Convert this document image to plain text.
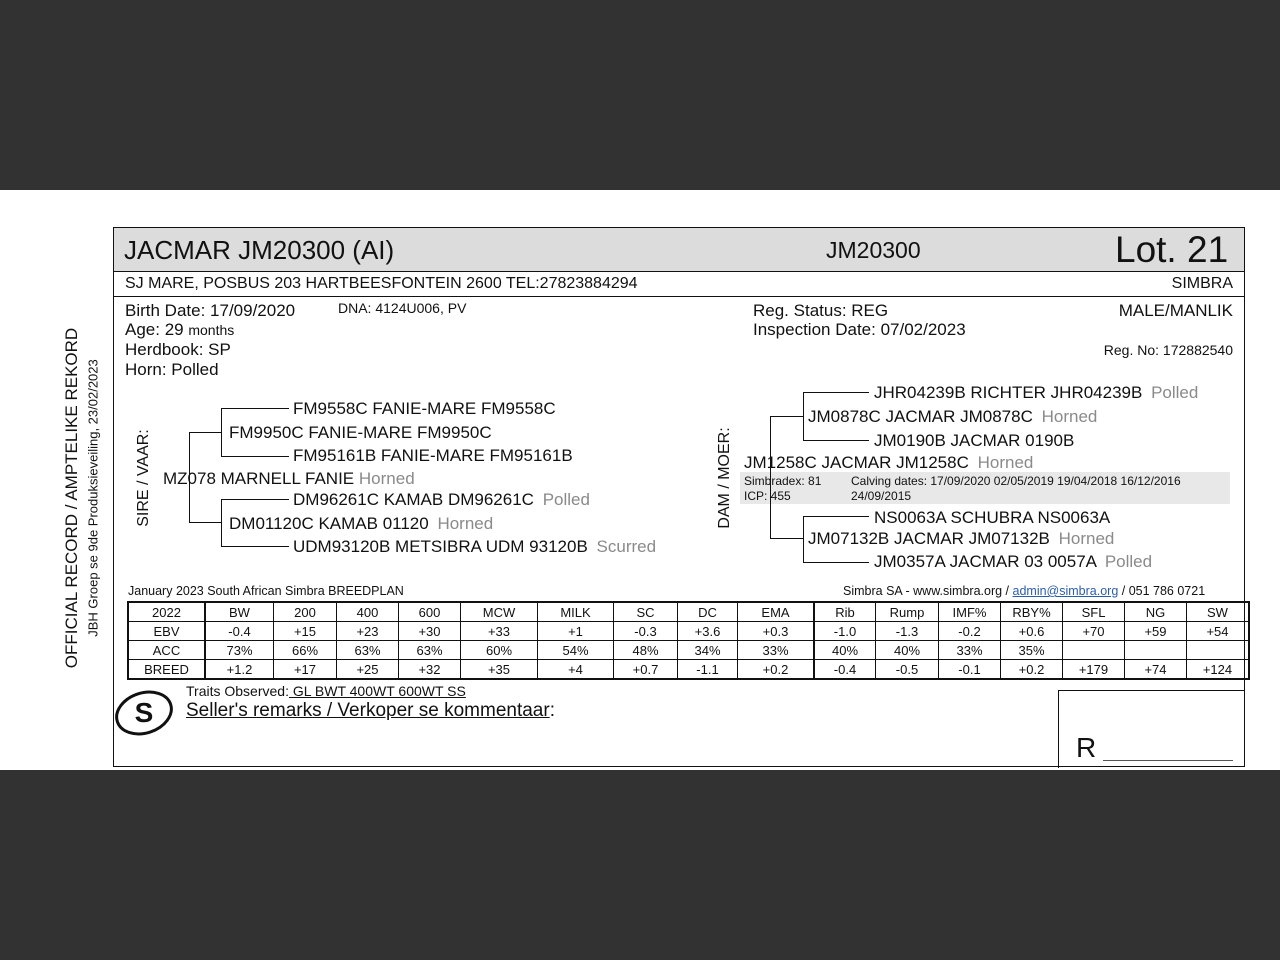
OFFICIAL RECORD / AMPTELIKE REKORD JBH Groep se 9de Produksieveiling, 23/02/2023
JACMAR JM20300 (AI)	JM20300	Lot. 21
SJ MARE, POSBUS 203 HARTBEESFONTEIN 2600 TEL:27823884294	SIMBRA
Birth Date: 17/09/2020	DNA: 4124U006, PV
Age: 29 months
Herdbook: SP
Horn: Polled
Reg. Status: REG
Inspection Date: 07/02/2023
MALE/MANLIK
Reg. No: 172882540
SIRE / VAAR:
FM9558C FANIE-MARE FM9558C
FM9950C FANIE-MARE FM9950C
FM95161B FANIE-MARE FM95161B
MZ078 MARNELL FANIE Horned
DM96261C KAMAB DM96261C Polled
DM01120C KAMAB 01120 Horned
UDM93120B METSIBRA UDM 93120B Scurred
DAM / MOER:
JHR04239B RICHTER JHR04239B Polled
JM0878C JACMAR JM0878C Horned
JM0190B JACMAR 0190B
JM1258C JACMAR JM1258C Horned
Simbradex: 81
ICP: 455
Calving dates: 17/09/2020 02/05/2019 19/04/2018 16/12/2016
24/09/2015
NS0063A SCHUBRA NS0063A
JM07132B JACMAR JM07132B Horned
JM0357A JACMAR 03 0057A Polled
January 2023 South African Simbra BREEDPLAN	Simbra SA - www.simbra.org / admin@simbra.org / 051 786 0721
2022	BW	200	400	600	MCW	MILK	SC	DC	EMA	Rib	Rump	IMF%	RBY%	SFL	NG	SW
EBV	-0.4	+15	+23	+30	+33	+1	-0.3	+3.6	+0.3	-1.0	-1.3	-0.2	+0.6	+70	+59	+54
ACC	73%	66%	63%	63%	60%	54%	48%	34%	33%	40%	40%	33%	35%			
BREED	+1.2	+17	+25	+32	+35	+4	+0.7	-1.1	+0.2	-0.4	-0.5	-0.1	+0.2	+179	+74	+124
S
Traits Observed: GL BWT 400WT 600WT SS
Seller's remarks / Verkoper se kommentaar:
R
